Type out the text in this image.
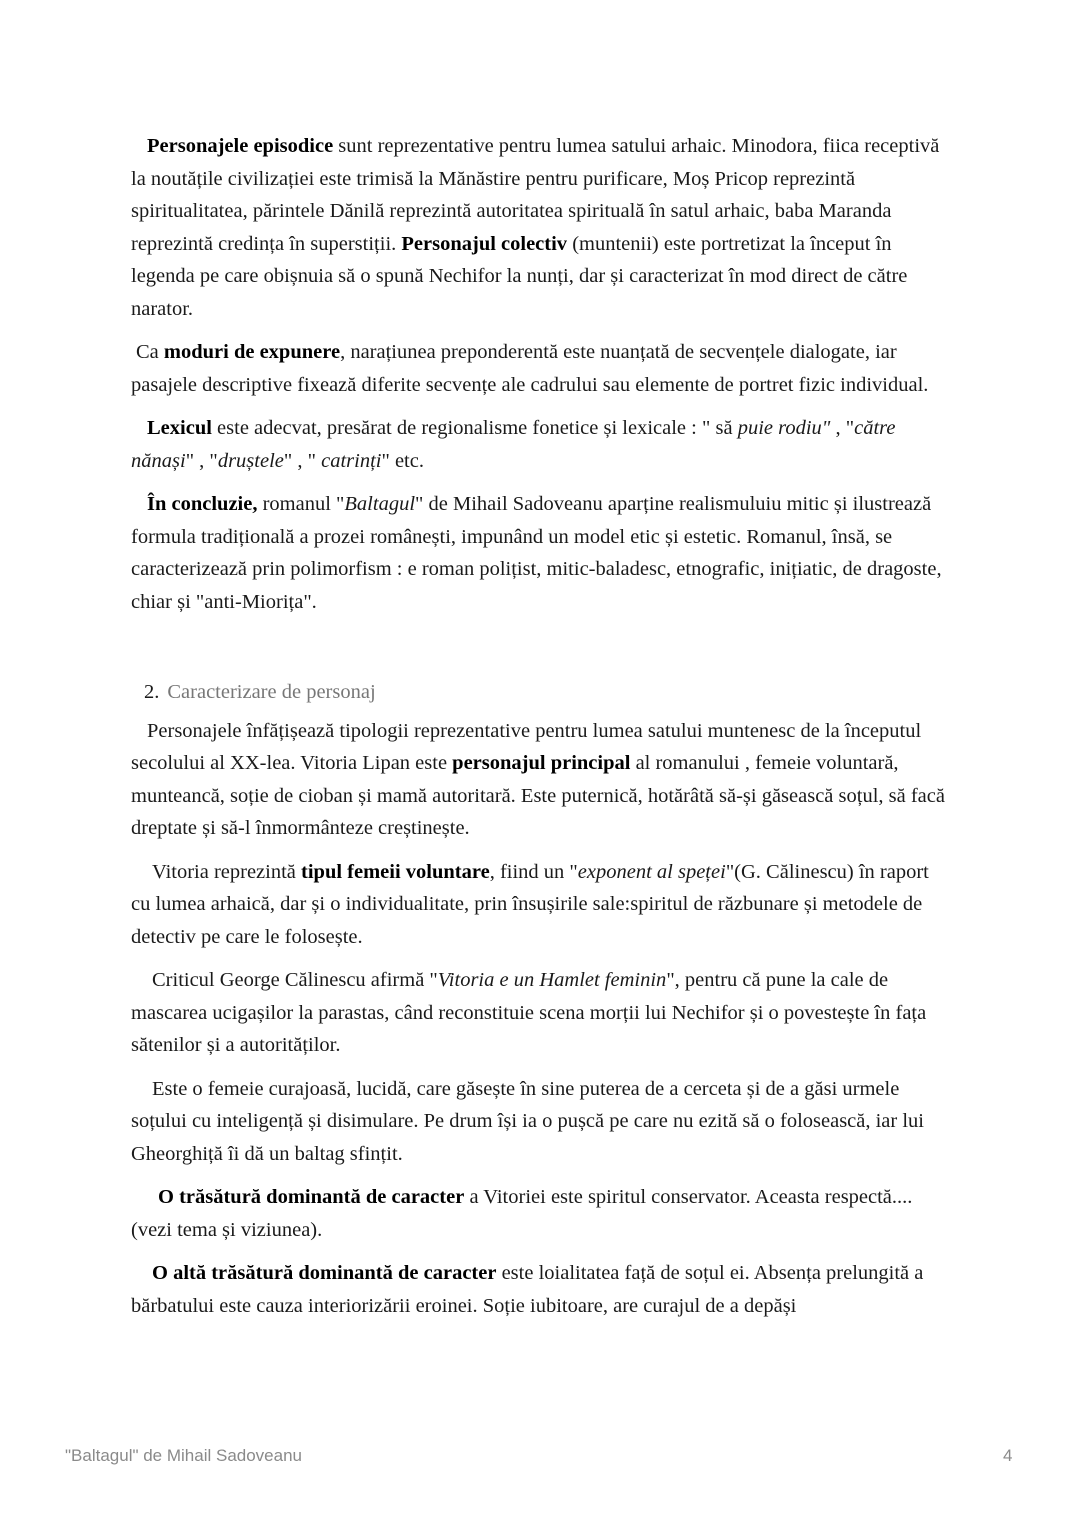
Personajele episodice sunt reprezentative pentru lumea satului arhaic. Minodora, fiica receptivă la noutățile civilizației este trimisă la Mănăstire pentru purificare, Moș Pricop reprezintă spiritualitatea, părintele Dănilă reprezintă autoritatea spirituală în satul arhaic, baba Maranda reprezintă credința în superstiții. Personajul colectiv (muntenii) este portretizat la început în legenda pe care obișnuia să o spună Nechifor la nunți, dar și caracterizat în mod direct de către narator.

Ca moduri de expunere, narațiunea preponderentă este nuanțată de secvențele dialogate, iar pasajele descriptive fixează diferite secvențe ale cadrului sau elemente de portret fizic individual.

Lexicul este adecvat, presărat de regionalisme fonetice și lexicale : " să puie rodiu" , "către nănași" , "druștele" , " catrinți" etc.

În concluzie, romanul "Baltagul" de Mihail Sadoveanu aparține realismuluiu mitic și ilustrează formula tradițională a prozei românești, impunând un model etic și estetic. Romanul, însă, se caracterizează prin polimorfism : e roman polițist, mitic-baladesc, etnografic, inițiatic, de dragoste, chiar și "anti-Miorița".

2. Caracterizare de personaj

Personajele înfățișează tipologii reprezentative pentru lumea satului muntenesc de la începutul secolului al XX-lea. Vitoria Lipan este personajul principal al romanului , femeie voluntară, munteancă, soție de cioban și mamă autoritară. Este puternică, hotărâtă să-și găsească soțul, să facă dreptate și să-l înmormânteze creștinește.

Vitoria reprezintă tipul femeii voluntare, fiind un "exponent al speței"(G. Călinescu) în raport cu lumea arhaică, dar și o individualitate, prin însușirile sale:spiritul de răzbunare și metodele de detectiv pe care le folosește.

Criticul George Călinescu afirmă "Vitoria e un Hamlet feminin", pentru că pune la cale de mascarea ucigașilor la parastas, când reconstituie scena morții lui Nechifor și o povestește în fața sătenilor și a autorităților.

Este o femeie curajoasă, lucidă, care găsește în sine puterea de a cerceta și de a găsi urmele soțului cu inteligență și disimulare. Pe drum își ia o pușcă pe care nu ezită să o folosească, iar lui Gheorghiță îi dă un baltag sfințit.

O trăsătură dominantă de caracter a Vitoriei este spiritul conservator. Aceasta respectă....(vezi tema și viziunea).

O altă trăsătură dominantă de caracter este loialitatea față de soțul ei. Absența prelungită a bărbatului este cauza interiorizării eroinei. Soție iubitoare, are curajul de a depăși

"Baltagul" de Mihail Sadoveanu	4
